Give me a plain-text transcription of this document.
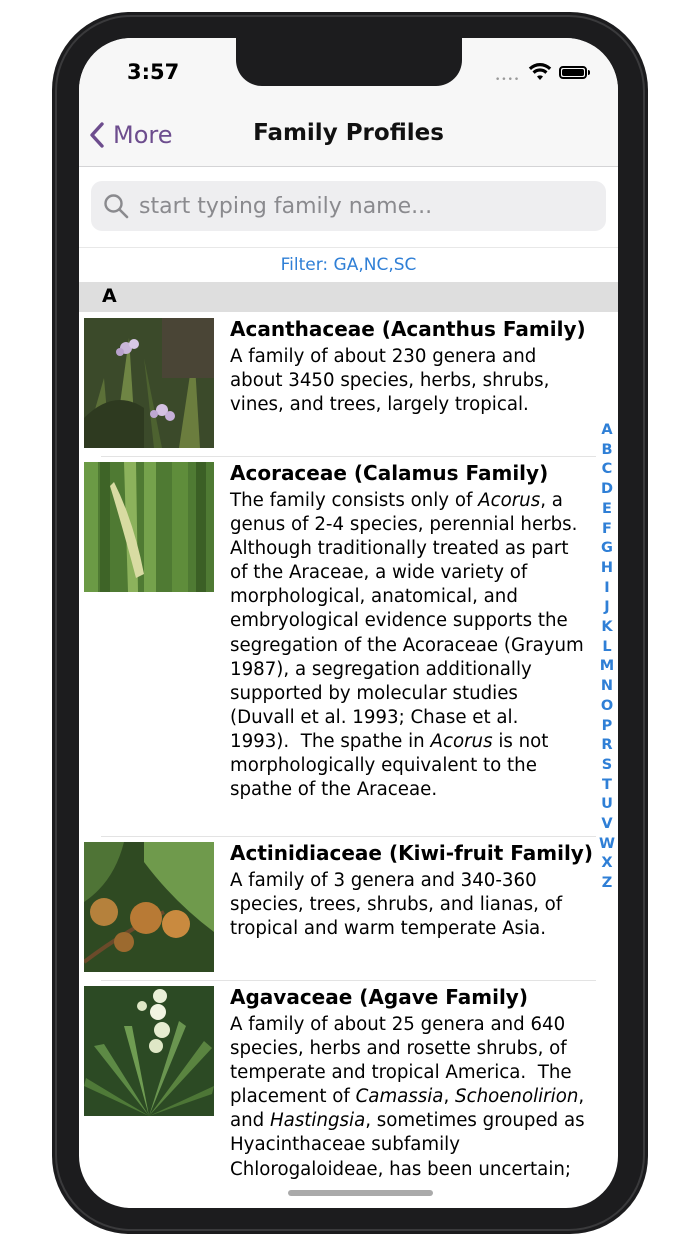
3:57	••••
More	Family Profiles
start typing family name...
Filter: GA,NC,SC
A
Acanthaceae (Acanthus Family)
A family of about 230 genera and about 3450 species, herbs, shrubs, vines, and trees, largely tropical.
Acoraceae (Calamus Family)
The family consists only of Acorus, a genus of 2-4 species, perennial herbs.  Although traditionally treated as part of the Araceae, a wide variety of morphological, anatomical, and embryological evidence supports the segregation of the Acoraceae (Grayum 1987), a segregation additionally supported by molecular studies (Duvall et al. 1993; Chase et al. 1993).  The spathe in Acorus is not morphologically equivalent to the spathe of the Araceae.
Actinidiaceae (Kiwi-fruit Family)
A family of 3 genera and 340-360 species, trees, shrubs, and lianas, of tropical and warm temperate Asia.
Agavaceae (Agave Family)
A family of about 25 genera and 640 species, herbs and rosette shrubs, of temperate and tropical America.  The placement of Camassia, Schoenolirion, and Hastingsia, sometimes grouped as Hyacinthaceae subfamily Chlorogaloideae, has been uncertain;
A
B
C
D
E
F
G
H
I
J
K
L
M
N
O
P
R
S
T
U
V
W
X
Z
